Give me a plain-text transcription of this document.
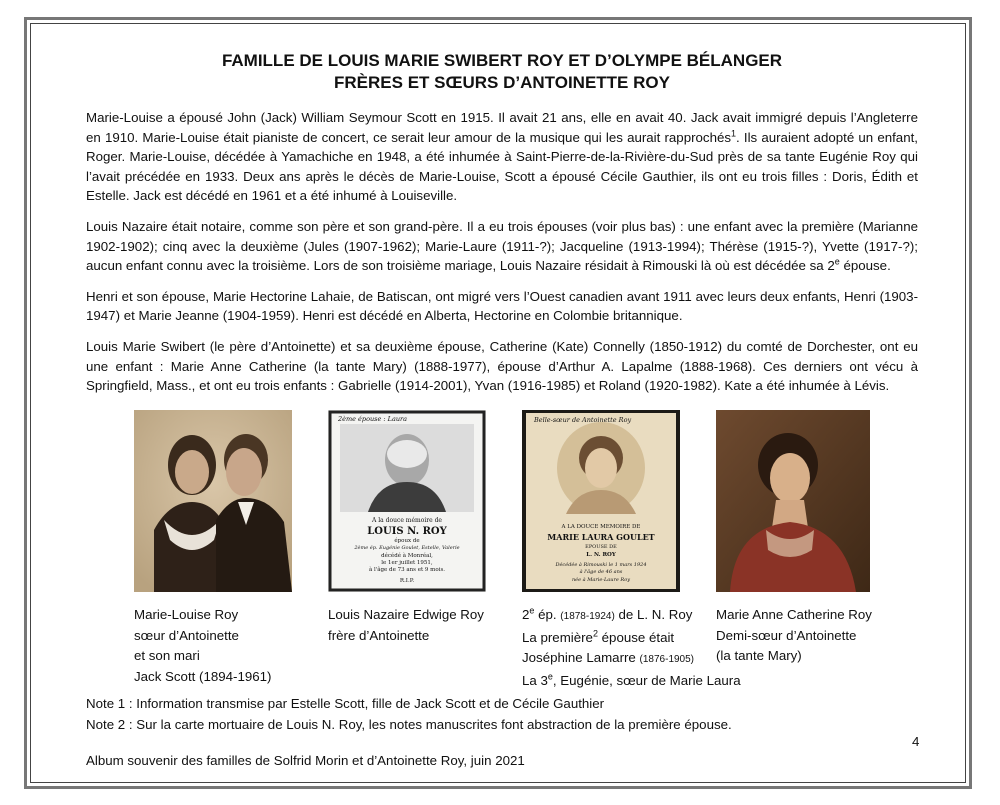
FAMILLE DE LOUIS MARIE SWIBERT ROY ET D’OLYMPE BÉLANGER
FRÈRES ET SŒURS D’ANTOINETTE ROY

Marie-Louise a épousé John (Jack) William Seymour Scott en 1915. Il avait 21 ans, elle en avait 40. Jack avait immigré depuis l’Angleterre en 1910. Marie-Louise était pianiste de concert, ce serait leur amour de la musique qui les aurait rapprochés$^1$. Ils auraient adopté un enfant, Roger. Marie-Louise, décédée à Yamachiche en 1948, a été inhumée à Saint-Pierre-de-la-Rivière-du-Sud près de sa tante Eugénie Roy qui l’avait précédée en 1933. Deux ans après le décès de Marie-Louise, Scott a épousé Cécile Gauthier, ils ont eu trois filles : Doris, Édith et Estelle. Jack est décédé en 1961 et a été inhumé à Louiseville.

Louis Nazaire était notaire, comme son père et son grand-père. Il a eu trois épouses (voir plus bas) : une enfant avec la première (Marianne 1902-1902); cinq avec la deuxième (Jules (1907-1962); Marie-Laure (1911-?); Jacqueline (1913-1994); Thérèse (1915-?), Yvette (1917-?); aucun enfant connu avec la troisième. Lors de son troisième mariage, Louis Nazaire résidait à Rimouski là où est décédée sa 2e épouse.

Henri et son épouse, Marie Hectorine Lahaie, de Batiscan, ont migré vers l’Ouest canadien avant 1911 avec leurs deux enfants, Henri (1903-1947) et Marie Jeanne (1904-1959). Henri est décédé en Alberta, Hectorine en Colombie britannique.

Louis Marie Swibert (le père d’Antoinette) et sa deuxième épouse, Catherine (Kate) Connelly (1850-1912) du comté de Dorchester, ont eu une enfant : Marie Anne Catherine (la tante Mary) (1888-1977), épouse d’Arthur A. Lapalme (1888-1968). Ces derniers ont vécu à Springfield, Mass., et ont eu trois enfants : Gabrielle (1914-2001), Yvan (1916-1985) et Roland (1920-1982). Kate a été inhumée à Lévis.

2ème épouse : Laura
A la douce mémoire de
LOUIS N. ROY
époux de
2ème ép. Eugénie Goulet, Estelle, Valerie
décédé à Monréal,
le 1er juillet 1951,
à l'âge de 73 ans et 9 mois.
R.I.P.
Belle-sœur de Antoinette Roy
A LA DOUCE MEMOIRE DE
MARIE LAURA GOULET
EPOUSE DE
L. N. ROY
Décédée à Rimouski le 1 mars 1924
à l'âge de 46 ans
née à Marie-Laure Roy
Marie-Louise Roy
sœur d’Antoinette
et son mari
Jack Scott (1894-1961)
Louis Nazaire Edwige Roy
frère d’Antoinette
2e ép. (1878-1924) de L. N. Roy
La première$^2$ épouse était
Joséphine Lamarre (1876-1905)
La 3e, Eugénie, sœur de Marie Laura
Marie Anne Catherine Roy
Demi-sœur d’Antoinette
(la tante Mary)
Note 1 : Information transmise par Estelle Scott, fille de Jack Scott et de Cécile Gauthier
Note 2 : Sur la carte mortuaire de Louis N. Roy, les notes manuscrites font abstraction de la première épouse.
4
Album souvenir des familles de Solfrid Morin et d’Antoinette Roy, juin 2021
